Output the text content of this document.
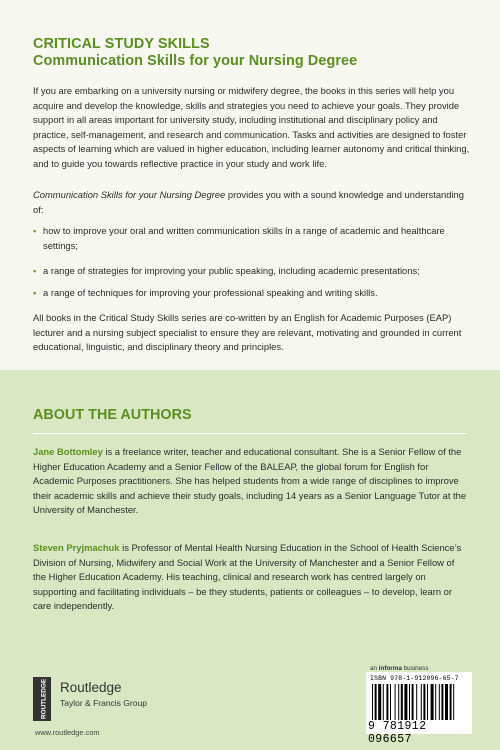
CRITICAL STUDY SKILLS
Communication Skills for your Nursing Degree
If you are embarking on a university nursing or midwifery degree, the books in this series will help you acquire and develop the knowledge, skills and strategies you need to achieve your goals. They provide support in all areas important for university study, including institutional and disciplinary policy and practice, self-management, and research and communication. Tasks and activities are designed to foster aspects of learning which are valued in higher education, including learner autonomy and critical thinking, and to guide you towards reflective practice in your study and work life.
Communication Skills for your Nursing Degree provides you with a sound knowledge and understanding of:
• how to improve your oral and written communication skills in a range of academic and healthcare settings;
• a range of strategies for improving your public speaking, including academic presentations;
• a range of techniques for improving your professional speaking and writing skills.
All books in the Critical Study Skills series are co-written by an English for Academic Purposes (EAP) lecturer and a nursing subject specialist to ensure they are relevant, motivating and grounded in current educational, linguistic, and disciplinary theory and principles.
ABOUT THE AUTHORS
Jane Bottomley is a freelance writer, teacher and educational consultant. She is a Senior Fellow of the Higher Education Academy and a Senior Fellow of the BALEAP, the global forum for English for Academic Purposes practitioners. She has helped students from a wide range of disciplines to improve their academic skills and achieve their study goals, including 14 years as a Senior Language Tutor at the University of Manchester.
Steven Pryjmachuk is Professor of Mental Health Nursing Education in the School of Health Science’s Division of Nursing, Midwifery and Social Work at the University of Manchester and a Senior Fellow of the Higher Education Academy. His teaching, clinical and research work has centred largely on supporting and facilitating individuals – be they students, patients or colleagues – to develop, learn or care independently.
ROUTLEDGE Routledge
Taylor & Francis Group
www.routledge.com
an informa business
ISBN 978-1-912096-65-7
9 781912 096657
